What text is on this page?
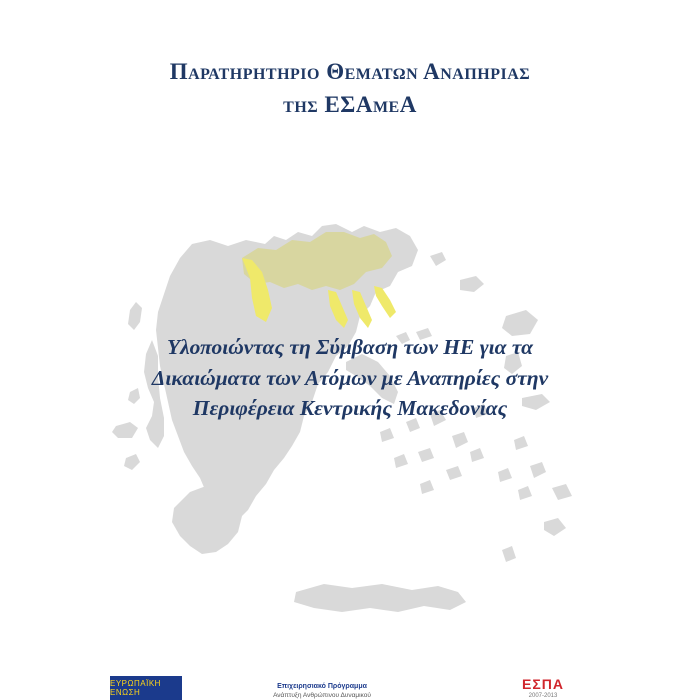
Παρατηρητηριο Θεματων Αναπηριας
της ΕΣΑμεΑ
Υλοποιώντας τη Σύμβαση των ΗΕ για τα
Δικαιώματα των Ατόμων με Αναπηρίες στην
Περιφέρεια Κεντρικής Μακεδονίας
ΕΥΡΩΠΑΪΚΗ ΕΝΩΣΗ
Επιχειρησιακό Πρόγραμμα
Ανάπτυξη Ανθρώπινου Δυναμικού
ΕΣΠΑ
2007-2013
